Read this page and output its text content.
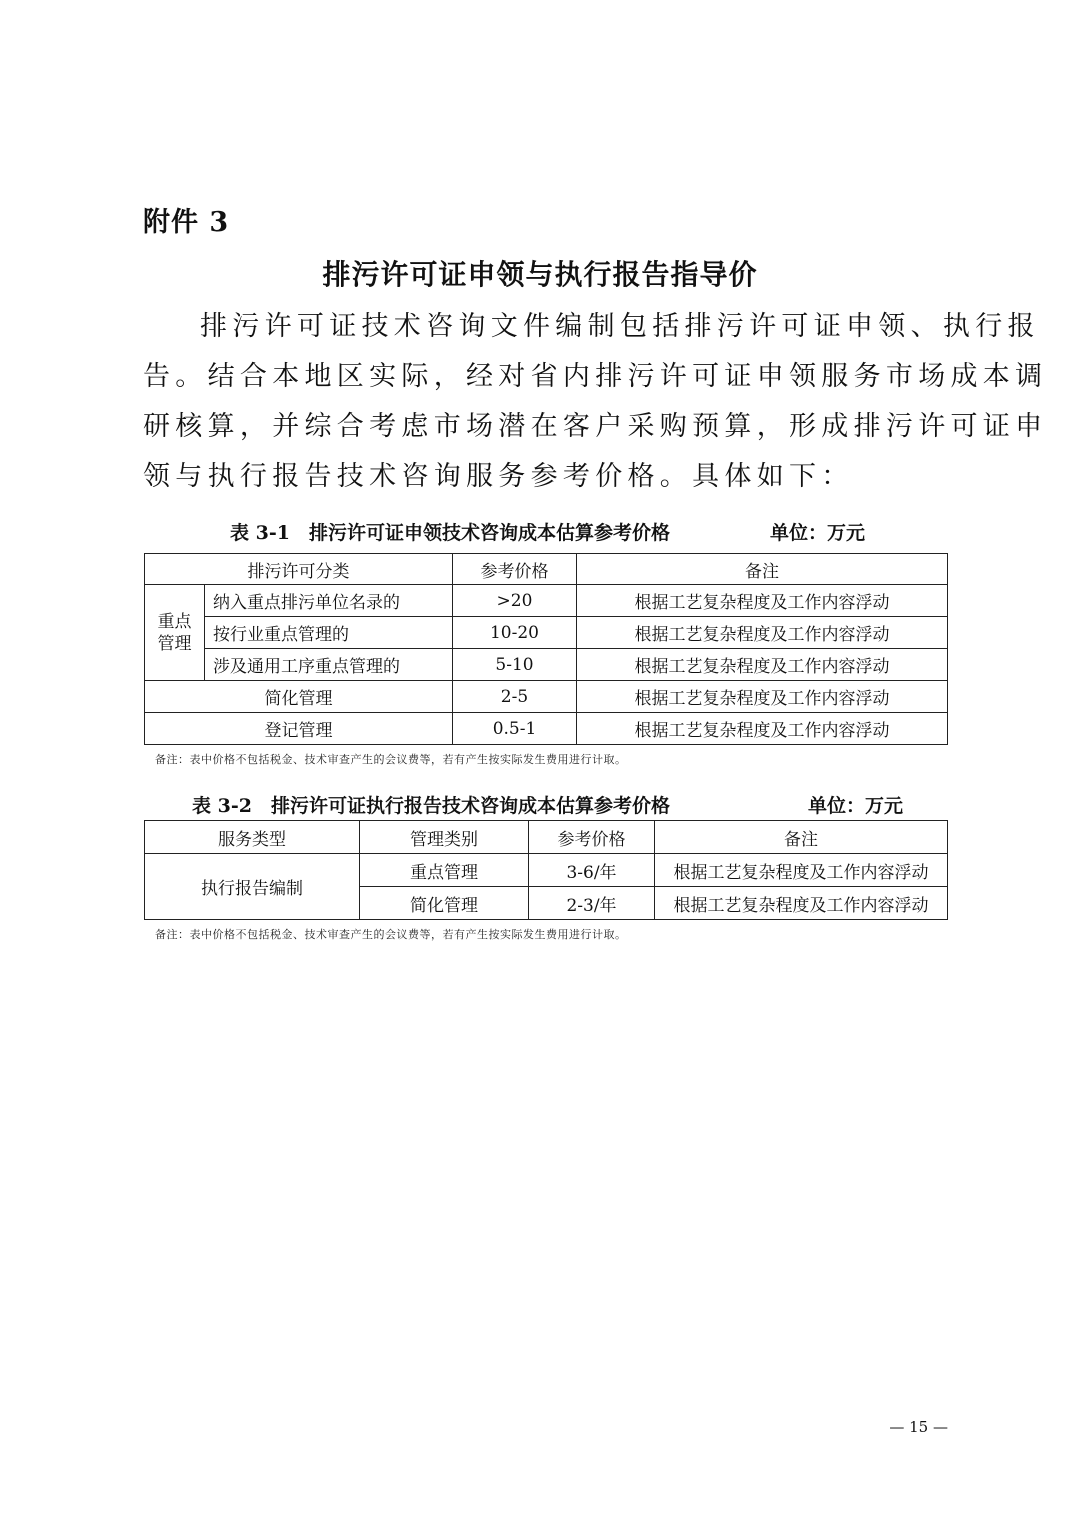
附件 3
排污许可证申领与执行报告指导价
排污许可证技术咨询文件编制包括排污许可证申领、执行报
告。结合本地区实际，经对省内排污许可证申领服务市场成本调
研核算，并综合考虑市场潜在客户采购预算，形成排污许可证申
领与执行报告技术咨询服务参考价格。具体如下：
表 3-1　排污许可证申领技术咨询成本估算参考价格	单位：万元
排污许可分类		参考价格	备注

重点
管理	纳入重点排污单位名录的	>20	根据工艺复杂程度及工作内容浮动
	按行业重点管理的	10-20	根据工艺复杂程度及工作内容浮动
	涉及通用工序重点管理的	5-10	根据工艺复杂程度及工作内容浮动
简化管理		2-5	根据工艺复杂程度及工作内容浮动
登记管理		0.5-1	根据工艺复杂程度及工作内容浮动
备注：表中价格不包括税金、技术审查产生的会议费等，若有产生按实际发生费用进行计取。
表 3-2　排污许可证执行报告技术咨询成本估算参考价格	单位：万元
服务类型	管理类别	参考价格	备注
执行报告编制	重点管理	3-6/年	根据工艺复杂程度及工作内容浮动
	简化管理	2-3/年	根据工艺复杂程度及工作内容浮动
备注：表中价格不包括税金、技术审查产生的会议费等，若有产生按实际发生费用进行计取。
— 15 —
